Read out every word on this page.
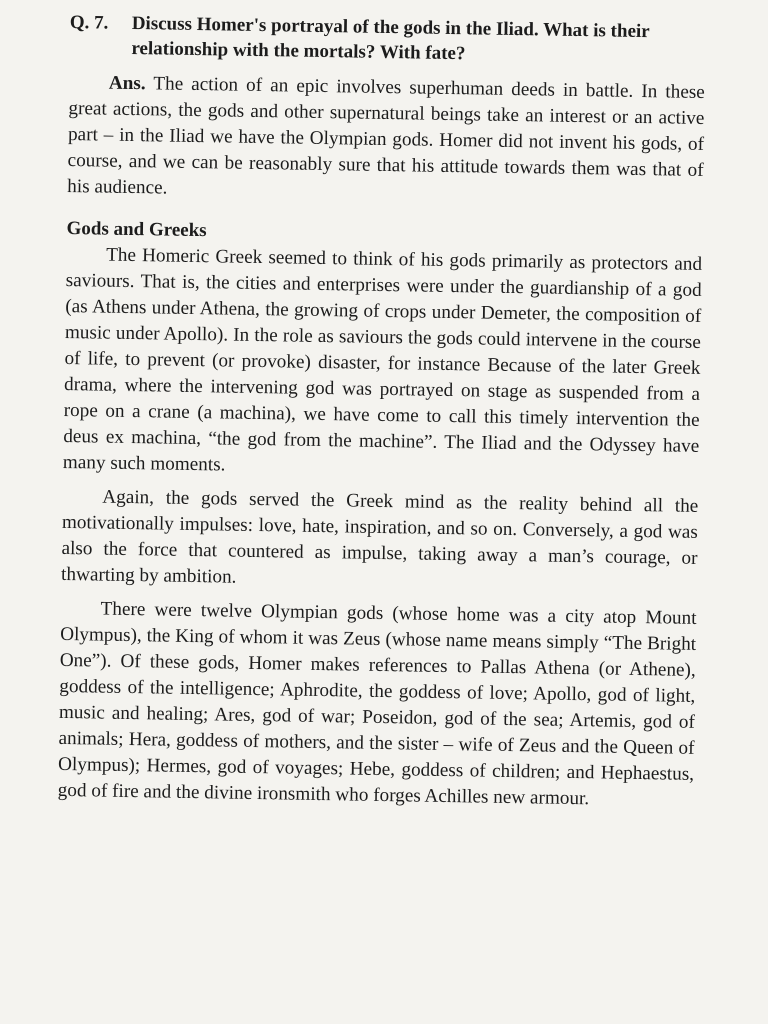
Q. 7.	Discuss Homer's portrayal of the gods in the Iliad. What is their relationship with the mortals? With fate?

Ans. The action of an epic involves superhuman deeds in battle. In these great actions, the gods and other supernatural beings take an interest or an active part – in the Iliad we have the Olympian gods. Homer did not invent his gods, of course, and we can be reasonably sure that his attitude towards them was that of his audience.

Gods and Greeks

The Homeric Greek seemed to think of his gods primarily as protectors and saviours. That is, the cities and enterprises were under the guardianship of a god (as Athens under Athena, the growing of crops under Demeter, the composition of music under Apollo). In the role as saviours the gods could intervene in the course of life, to prevent (or provoke) disaster, for instance Because of the later Greek drama, where the intervening god was portrayed on stage as suspended from a rope on a crane (a machina), we have come to call this timely intervention the deus ex machina, “the god from the machine”. The Iliad and the Odyssey have many such moments.

Again, the gods served the Greek mind as the reality behind all the motivationally impulses: love, hate, inspiration, and so on. Conversely, a god was also the force that countered as impulse, taking away a man’s courage, or thwarting by ambition.

There were twelve Olympian gods (whose home was a city atop Mount Olympus), the King of whom it was Zeus (whose name means simply “The Bright One”). Of these gods, Homer makes references to Pallas Athena (or Athene), goddess of the intelligence; Aphrodite, the goddess of love; Apollo, god of light, music and healing; Ares, god of war; Poseidon, god of the sea; Artemis, god of animals; Hera, goddess of mothers, and the sister – wife of Zeus and the Queen of Olympus); Hermes, god of voyages; Hebe, goddess of children; and Hephaestus, god of fire and the divine ironsmith who forges Achilles new armour.
